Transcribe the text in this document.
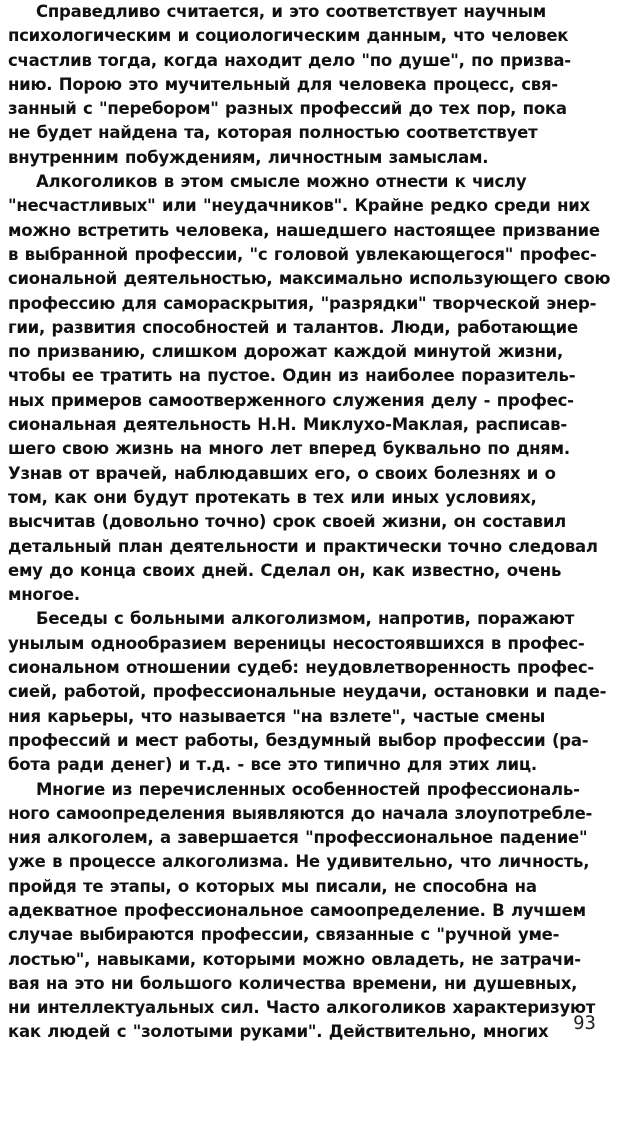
Справедливо считается, и это соответствует научным
психологическим и социологическим данным, что человек
счастлив тогда, когда находит дело "по душе", по призва-
нию. Порою это мучительный для человека процесс, свя-
занный с "перебором" разных профессий до тех пор, пока
не будет найдена та, которая полностью соответствует
внутренним побуждениям, личностным замыслам.
Алкоголиков в этом смысле можно отнести к числу
"несчастливых" или "неудачников". Крайне редко среди них
можно встретить человека, нашедшего настоящее призвание
в выбранной профессии, "с головой увлекающегося" профес-
сиональной деятельностью, максимально использующего свою
профессию для самораскрытия, "разрядки" творческой энер-
гии, развития способностей и талантов. Люди, работающие
по призванию, слишком дорожат каждой минутой жизни,
чтобы ее тратить на пустое. Один из наиболее поразитель-
ных примеров самоотверженного служения делу - профес-
сиональная деятельность Н.Н. Миклухо-Маклая, расписав-
шего свою жизнь на много лет вперед буквально по дням.
Узнав от врачей, наблюдавших его, о своих болезнях и о
том, как они будут протекать в тех или иных условиях,
высчитав (довольно точно) срок своей жизни, он составил
детальный план деятельности и практически точно следовал
ему до конца своих дней. Сделал он, как известно, очень
многое.
Беседы с больными алкоголизмом, напротив, поражают
унылым однообразием вереницы несостоявшихся в профес-
сиональном отношении судеб: неудовлетворенность профес-
сией, работой, профессиональные неудачи, остановки и паде-
ния карьеры, что называется "на взлете", частые смены
профессий и мест работы, бездумный выбор профессии (ра-
бота ради денег) и т.д. - все это типично для этих лиц.
Многие из перечисленных особенностей профессиональ-
ного самоопределения выявляются до начала злоупотребле-
ния алкоголем, а завершается "профессиональное падение"
уже в процессе алкоголизма. Не удивительно, что личность,
пройдя те этапы, о которых мы писали, не способна на
адекватное профессиональное самоопределение. В лучшем
случае выбираются профессии, связанные с "ручной уме-
лостью", навыками, которыми можно овладеть, не затрачи-
вая на это ни большого количества времени, ни душевных,
ни интеллектуальных сил. Часто алкоголиков характеризуют
как людей с "золотыми руками". Действительно, многих	93
